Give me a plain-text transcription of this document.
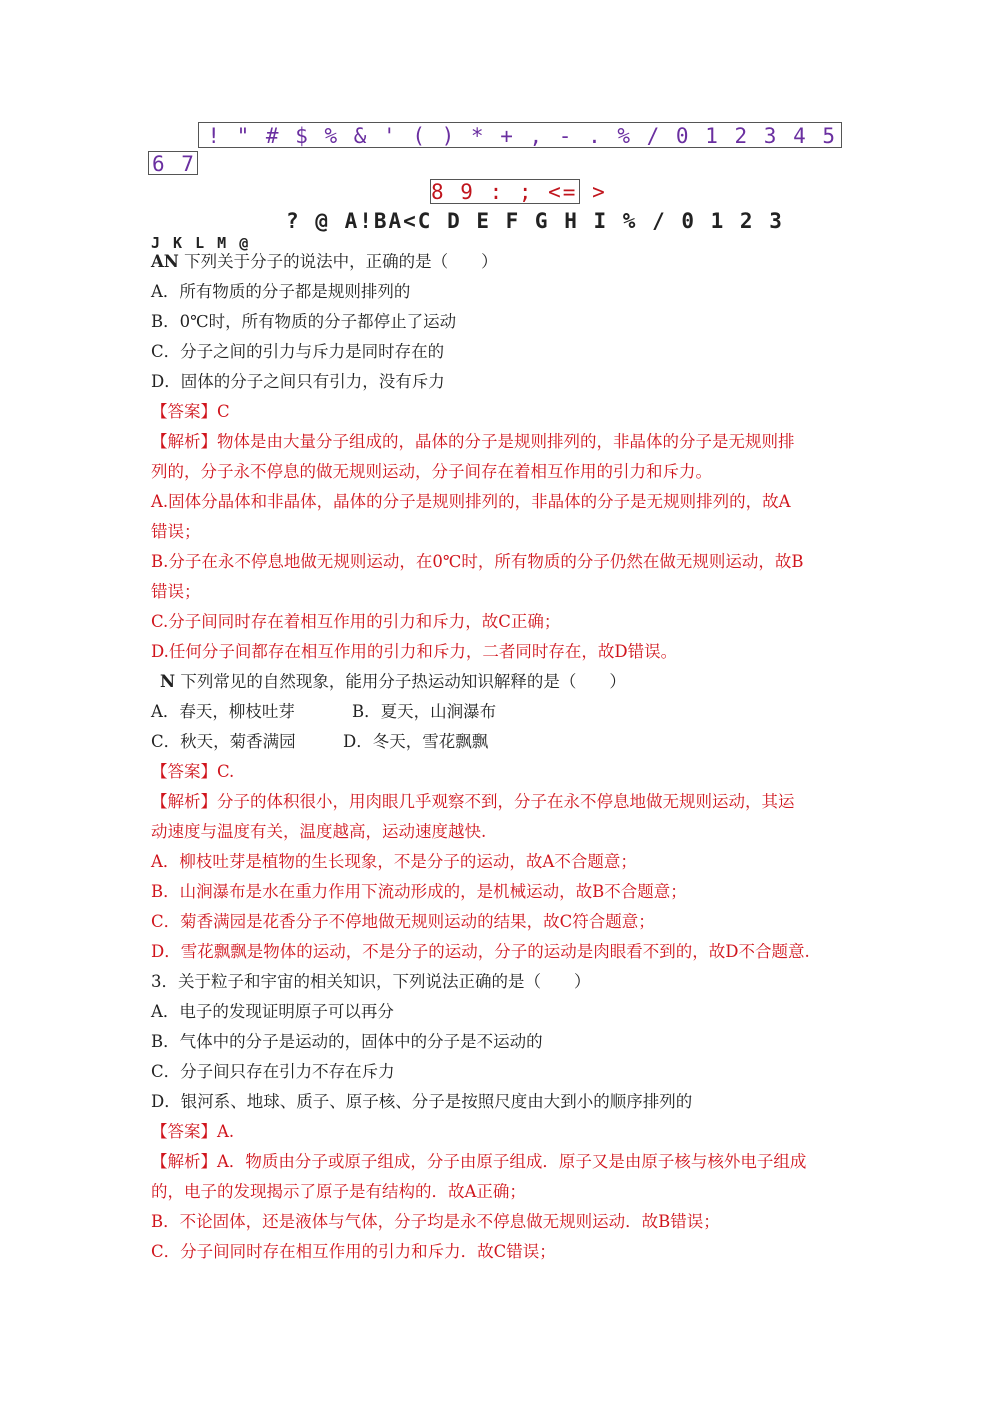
! " # $ % & ' ( ) * + , - . % / 0 1 2 3 4 5
6 7
8 9 : ; <= >
? @ A!BA<C D E F G H I % / 0 1 2 3
J K L M @
AN 下列关于分子的说法中，正确的是（　　）
A．所有物质的分子都是规则排列的
B．0℃时，所有物质的分子都停止了运动
C．分子之间的引力与斥力是同时存在的
D．固体的分子之间只有引力，没有斥力
【答案】C
【解析】物体是由大量分子组成的，晶体的分子是规则排列的，非晶体的分子是无规则排
列的，分子永不停息的做无规则运动，分子间存在着相互作用的引力和斥力。
A.固体分晶体和非晶体，晶体的分子是规则排列的，非晶体的分子是无规则排列的，故A
错误；
B.分子在永不停息地做无规则运动，在0℃时，所有物质的分子仍然在做无规则运动，故B
错误；
C.分子间同时存在着相互作用的引力和斥力，故C正确；
D.任何分子间都存在相互作用的引力和斥力，二者同时存在，故D错误。
N 下列常见的自然现象，能用分子热运动知识解释的是（　　）
A．春天，柳枝吐芽	B．夏天，山涧瀑布
C．秋天，菊香满园	D．冬天，雪花飘飘
【答案】C.
【解析】分子的体积很小，用肉眼几乎观察不到，分子在永不停息地做无规则运动，其运
动速度与温度有关，温度越高，运动速度越快.
A．柳枝吐芽是植物的生长现象，不是分子的运动，故A不合题意；
B．山涧瀑布是水在重力作用下流动形成的，是机械运动，故B不合题意；
C．菊香满园是花香分子不停地做无规则运动的结果，故C符合题意；
D．雪花飘飘是物体的运动，不是分子的运动，分子的运动是肉眼看不到的，故D不合题意.
3．关于粒子和宇宙的相关知识，下列说法正确的是（　　）
A．电子的发现证明原子可以再分
B．气体中的分子是运动的，固体中的分子是不运动的
C．分子间只存在引力不存在斥力
D．银河系、地球、质子、原子核、分子是按照尺度由大到小的顺序排列的
【答案】A.
【解析】A．物质由分子或原子组成，分子由原子组成．原子又是由原子核与核外电子组成
的，电子的发现揭示了原子是有结构的．故A正确；
B．不论固体，还是液体与气体，分子均是永不停息做无规则运动．故B错误；
C．分子间同时存在相互作用的引力和斥力．故C错误；
